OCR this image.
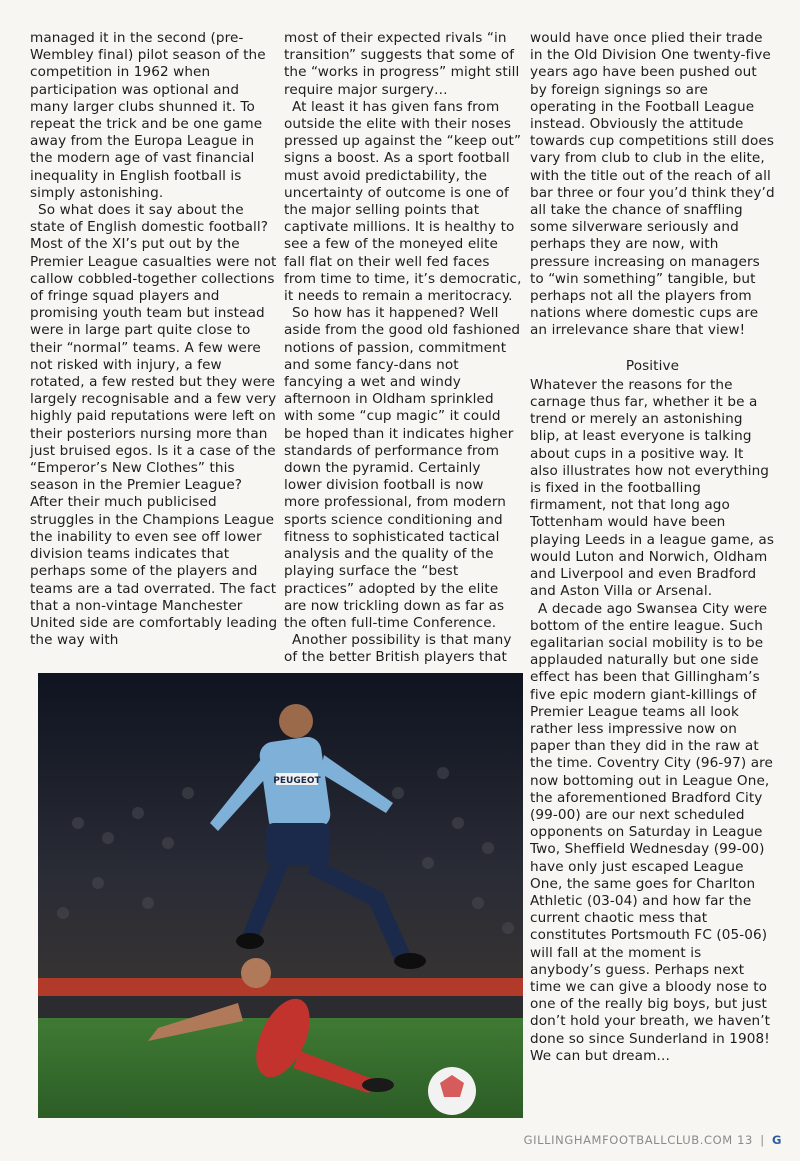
managed it in the second (pre-Wembley final) pilot season of the competition in 1962 when participation was optional and many larger clubs shunned it. To repeat the trick and be one game away from the Europa League in the modern age of vast financial inequality in English football is simply astonishing.

So what does it say about the state of English domestic football? Most of the XI’s put out by the Premier League casualties were not callow cobbled-together collections of fringe squad players and promising youth team but instead were in large part quite close to their “normal” teams. A few were not risked with injury, a few rotated, a few rested but they were largely recognisable and a few very highly paid reputations were left on their posteriors nursing more than just bruised egos. Is it a case of the “Emperor’s New Clothes” this season in the Premier League? After their much publicised struggles in the Champions League the inability to even see off lower division teams indicates that perhaps some of the players and teams are a tad overrated. The fact that a non-vintage Manchester United side are comfortably leading the way with

most of their expected rivals “in transition” suggests that some of the “works in progress” might still require major surgery…

At least it has given fans from outside the elite with their noses pressed up against the “keep out” signs a boost. As a sport football must avoid predictability, the uncertainty of outcome is one of the major selling points that captivate millions. It is healthy to see a few of the moneyed elite fall flat on their well fed faces from time to time, it’s democratic, it needs to remain a meritocracy.

So how has it happened? Well aside from the good old fashioned notions of passion, commitment and some fancy-dans not fancying a wet and windy afternoon in Oldham sprinkled with some “cup magic” it could be hoped than it indicates higher standards of performance from down the pyramid. Certainly lower division football is now more professional, from modern sports science conditioning and fitness to sophisticated tactical analysis and the quality of the playing surface the “best practices” adopted by the elite are now trickling down as far as the often full-time Conference.

Another possibility is that many of the better British players that

would have once plied their trade in the Old Division One twenty-five years ago have been pushed out by foreign signings so are operating in the Football League instead. Obviously the attitude towards cup competitions still does vary from club to club in the elite, with the title out of the reach of all bar three or four you’d think they’d all take the chance of snaffling some silverware seriously and perhaps they are now, with pressure increasing on managers to “win something” tangible, but perhaps not all the players from nations where domestic cups are an irrelevance share that view!

Positive

Whatever the reasons for the carnage thus far, whether it be a trend or merely an astonishing blip, at least everyone is talking about cups in a positive way. It also illustrates how not everything is fixed in the footballing firmament, not that long ago Tottenham would have been playing Leeds in a league game, as would Luton and Norwich, Oldham and Liverpool and even Bradford and Aston Villa or Arsenal.

A decade ago Swansea City were bottom of the entire league. Such egalitarian social mobility is to be applauded naturally but one side effect has been that Gillingham’s five epic modern giant-killings of Premier League teams all look rather less impressive now on paper than they did in the raw at the time. Coventry City (96-97) are now bottoming out in League One, the aforementioned Bradford City (99-00) are our next scheduled opponents on Saturday in League Two, Sheffield Wednesday (99-00) have only just escaped League One, the same goes for Charlton Athletic (03-04) and how far the current chaotic mess that constitutes Portsmouth FC (05-06) will fall at the moment is anybody’s guess. Perhaps next time we can give a bloody nose to one of the really big boys, but just don’t hold your breath, we haven’t done so since Sunderland in 1908! We can but dream…

PEUGEOT
GILLINGHAMFOOTBALLCLUB.COM 13 | G
